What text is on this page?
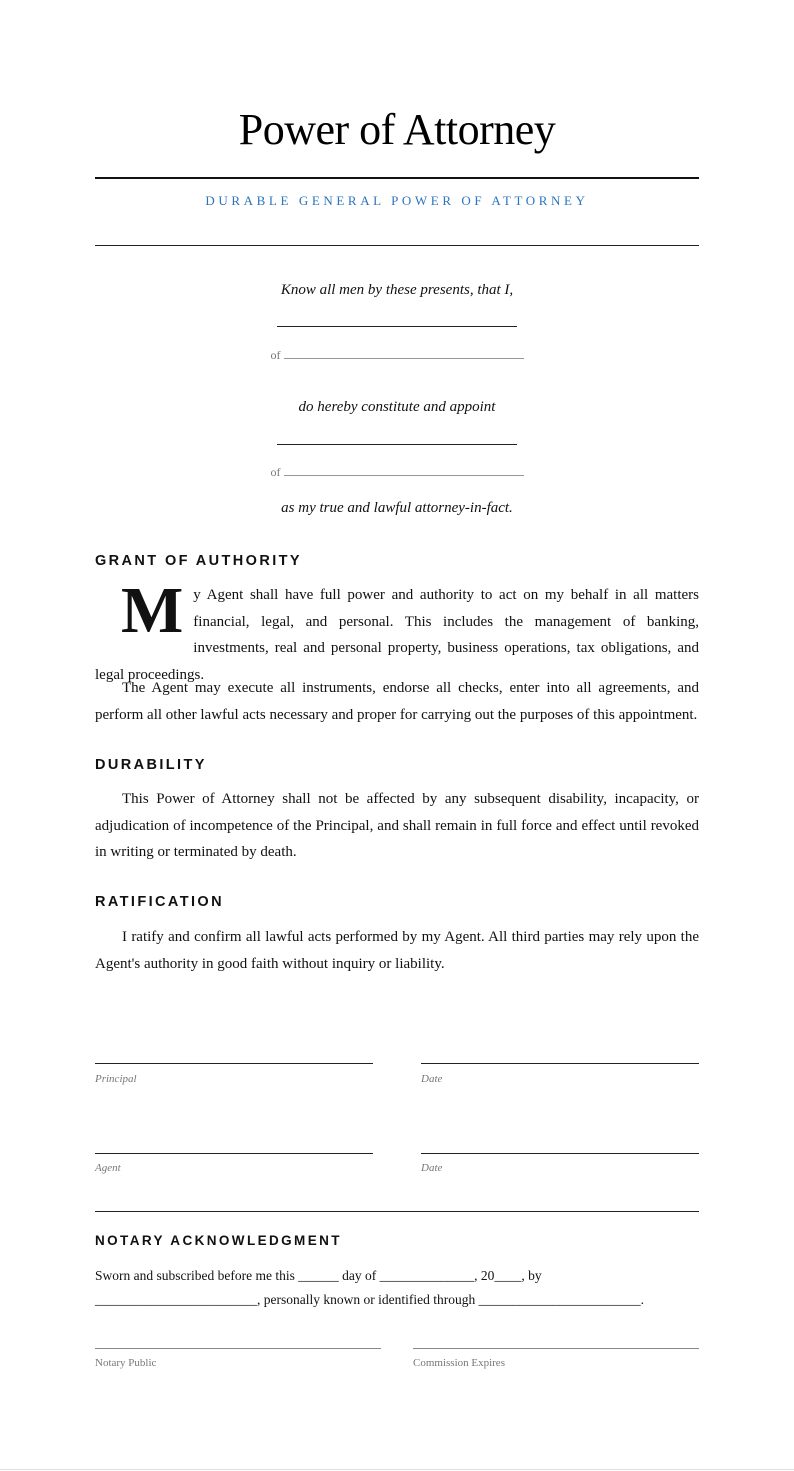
Power of Attorney
DURABLE GENERAL POWER OF ATTORNEY
Know all men by these presents, that I,
of
do hereby constitute and appoint
of
as my true and lawful attorney-in-fact.
GRANT OF AUTHORITY
My Agent shall have full power and authority to act on my behalf in all matters financial, legal, and personal. This includes the management of banking, investments, real and personal property, business operations, tax obligations, and legal proceedings.
The Agent may execute all instruments, endorse all checks, enter into all agreements, and perform all other lawful acts necessary and proper for carrying out the purposes of this appointment.
DURABILITY
This Power of Attorney shall not be affected by any subsequent disability, incapacity, or adjudication of incompetence of the Principal, and shall remain in full force and effect until revoked in writing or terminated by death.
RATIFICATION
I ratify and confirm all lawful acts performed by my Agent. All third parties may rely upon the Agent's authority in good faith without inquiry or liability.
Principal	Date
Agent	Date
NOTARY ACKNOWLEDGMENT
Sworn and subscribed before me this ______ day of ______________, 20____, by
________________________, personally known or identified through ________________________.
Notary Public	Commission Expires
